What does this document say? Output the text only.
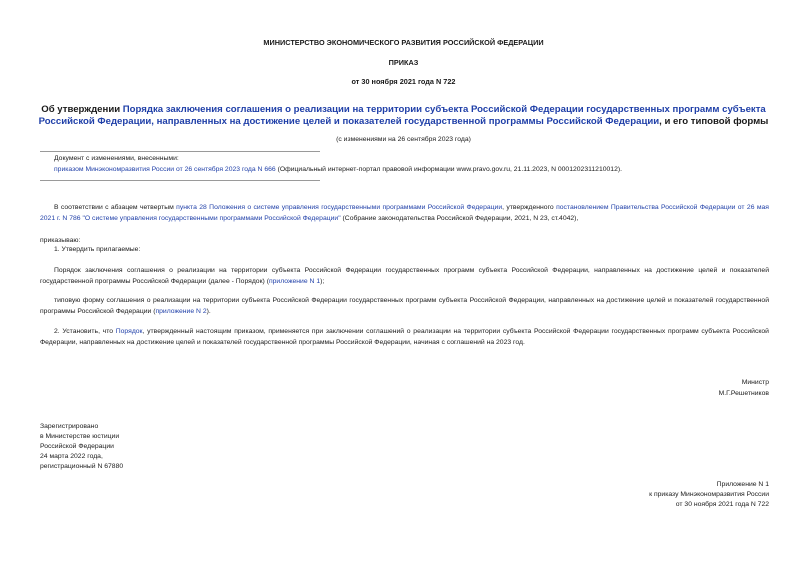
МИНИСТЕРСТВО ЭКОНОМИЧЕСКОГО РАЗВИТИЯ РОССИЙСКОЙ ФЕДЕРАЦИИ
ПРИКАЗ
от 30 ноября 2021 года N 722
Об утверждении Порядка заключения соглашения о реализации на территории субъекта Российской Федерации государственных программ субъекта Российской Федерации, направленных на достижение целей и показателей государственной программы Российской Федерации, и его типовой формы
(с изменениями на 26 сентября 2023 года)
Документ с изменениями, внесенными:
приказом Минэкономразвития России от 26 сентября 2023 года N 666 (Официальный интернет-портал правовой информации www.pravo.gov.ru, 21.11.2023, N 0001202311210012).
В соответствии с абзацем четвертым пункта 28 Положения о системе управления государственными программами Российской Федерации, утвержденного постановлением Правительства Российской Федерации от 26 мая 2021 г. N 786 "О системе управления государственными программами Российской Федерации" (Собрание законодательства Российской Федерации, 2021, N 23, ст.4042),
приказываю:
1. Утвердить прилагаемые:
Порядок заключения соглашения о реализации на территории субъекта Российской Федерации государственных программ субъекта Российской Федерации, направленных на достижение целей и показателей государственной программы Российской Федерации (далее - Порядок) (приложение N 1);
типовую форму соглашения о реализации на территории субъекта Российской Федерации государственных программ субъекта Российской Федерации, направленных на достижение целей и показателей государственной программы Российской Федерации (приложение N 2).
2. Установить, что Порядок, утвержденный настоящим приказом, применяется при заключении соглашений о реализации на территории субъекта Российской Федерации государственных программ субъекта Российской Федерации, направленных на достижение целей и показателей государственной программы Российской Федерации, начиная с соглашений на 2023 год.
Министр
М.Г.Решетников
Зарегистрировано
в Министерстве юстиции
Российской Федерации
24 марта 2022 года,
регистрационный N 67880
Приложение N 1
к приказу Минэкономразвития России
от 30 ноября 2021 года N 722
